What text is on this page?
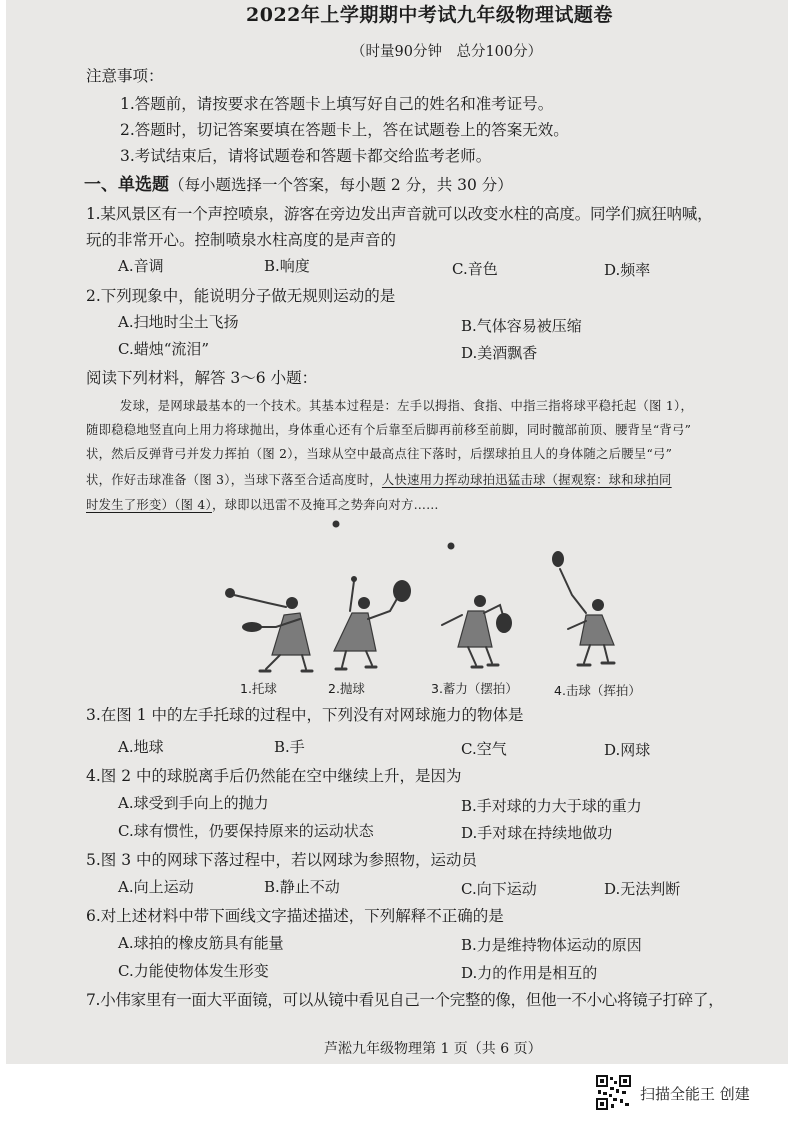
2022年上学期期中考试九年级物理试题卷
（时量90分钟　总分100分）
注意事项：
1.答题前，请按要求在答题卡上填写好自己的姓名和准考证号。
2.答题时，切记答案要填在答题卡上，答在试题卷上的答案无效。
3.考试结束后，请将试题卷和答题卡都交给监考老师。
一、单选题（每小题选择一个答案，每小题 2 分，共 30 分）
1.某风景区有一个声控喷泉，游客在旁边发出声音就可以改变水柱的高度。同学们疯狂呐喊，
玩的非常开心。控制喷泉水柱高度的是声音的
A.音调	B.响度	C.音色	D.频率
2.下列现象中，能说明分子做无规则运动的是
A.扫地时尘土飞扬	B.气体容易被压缩
C.蜡烛“流泪”	D.美酒飘香
阅读下列材料，解答 3～6 小题：
发球，是网球最基本的一个技术。其基本过程是：左手以拇指、食指、中指三指将球平稳托起（图 1），
随即稳稳地竖直向上用力将球抛出，身体重心还有个后靠至后脚再前移至前脚，同时髋部前顶、腰背呈“背弓”
状，然后反弹背弓并发力挥拍（图 2），当球从空中最高点往下落时，后摆球拍且人的身体随之后腰呈“弓”
状，作好击球准备（图 3），当球下落至合适高度时，人快速用力挥动球拍迅猛击球（握观察：球和球拍同
时发生了形变）（图 4），球即以迅雷不及掩耳之势奔向对方……
1.托球	2.抛球	3.蓄力（摆拍）	4.击球（挥拍）
3.在图 1 中的左手托球的过程中，下列没有对网球施力的物体是
A.地球	B.手	C.空气	D.网球
4.图 2 中的球脱离手后仍然能在空中继续上升，是因为
A.球受到手向上的抛力	B.手对球的力大于球的重力
C.球有惯性，仍要保持原来的运动状态	D.手对球在持续地做功
5.图 3 中的网球下落过程中，若以网球为参照物，运动员
A.向上运动	B.静止不动	C.向下运动	D.无法判断
6.对上述材料中带下画线文字描述描述，下列解释不正确的是
A.球拍的橡皮筋具有能量	B.力是维持物体运动的原因
C.力能使物体发生形变	D.力的作用是相互的
7.小伟家里有一面大平面镜，可以从镜中看见自己一个完整的像，但他一不小心将镜子打碎了，
芦淞九年级物理第 1 页（共 6 页）
扫描全能王 创建
